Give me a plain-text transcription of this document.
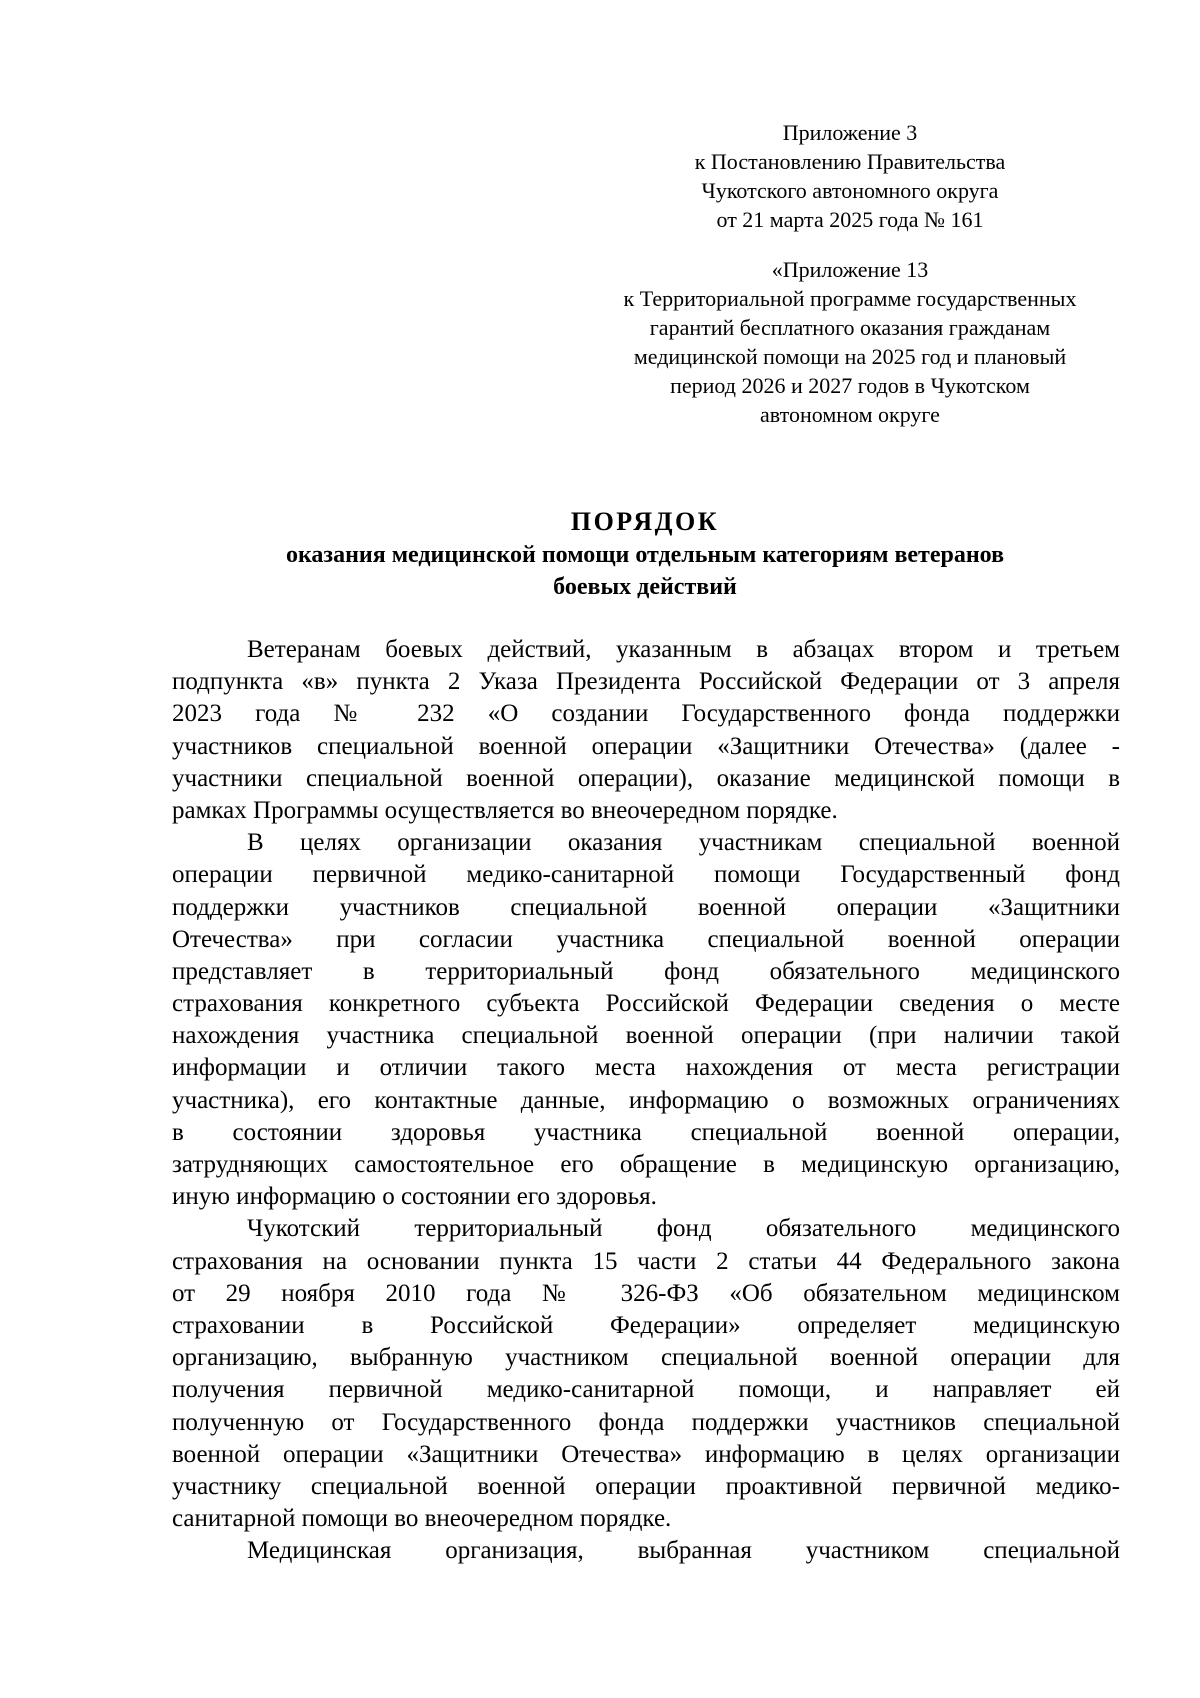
Приложение 3
к Постановлению Правительства
Чукотского автономного округа
от 21 марта 2025 года № 161
«Приложение 13
к Территориальной программе государственных
гарантий бесплатного оказания гражданам
медицинской помощи на 2025 год и плановый
период 2026 и 2027 годов в Чукотском
автономном округе
ПОРЯДОК
оказания медицинской помощи отдельным категориям ветеранов
боевых действий
Ветеранам боевых действий, указанным в абзацах втором и третьем
подпункта «в» пункта 2 Указа Президента Российской Федерации от 3 апреля
2023 года № 232 «О создании Государственного фонда поддержки
участников специальной военной операции «Защитники Отечества» (далее -
участники специальной военной операции), оказание медицинской помощи в
рамках Программы осуществляется во внеочередном порядке.
В целях организации оказания участникам специальной военной
операции первичной медико-санитарной помощи Государственный фонд
поддержки участников специальной военной операции «Защитники
Отечества» при согласии участника специальной военной операции
представляет в территориальный фонд обязательного медицинского
страхования конкретного субъекта Российской Федерации сведения о месте
нахождения участника специальной военной операции (при наличии такой
информации и отличии такого места нахождения от места регистрации
участника), его контактные данные, информацию о возможных ограничениях
в состоянии здоровья участника специальной военной операции,
затрудняющих самостоятельное его обращение в медицинскую организацию,
иную информацию о состоянии его здоровья.
Чукотский территориальный фонд обязательного медицинского
страхования на основании пункта 15 части 2 статьи 44 Федерального закона
от 29 ноября 2010 года № 326-ФЗ «Об обязательном медицинском
страховании в Российской Федерации» определяет медицинскую
организацию, выбранную участником специальной военной операции для
получения первичной медико-санитарной помощи, и направляет ей
полученную от Государственного фонда поддержки участников специальной
военной операции «Защитники Отечества» информацию в целях организации
участнику специальной военной операции проактивной первичной медико-
санитарной помощи во внеочередном порядке.
Медицинская организация, выбранная участником специальной
